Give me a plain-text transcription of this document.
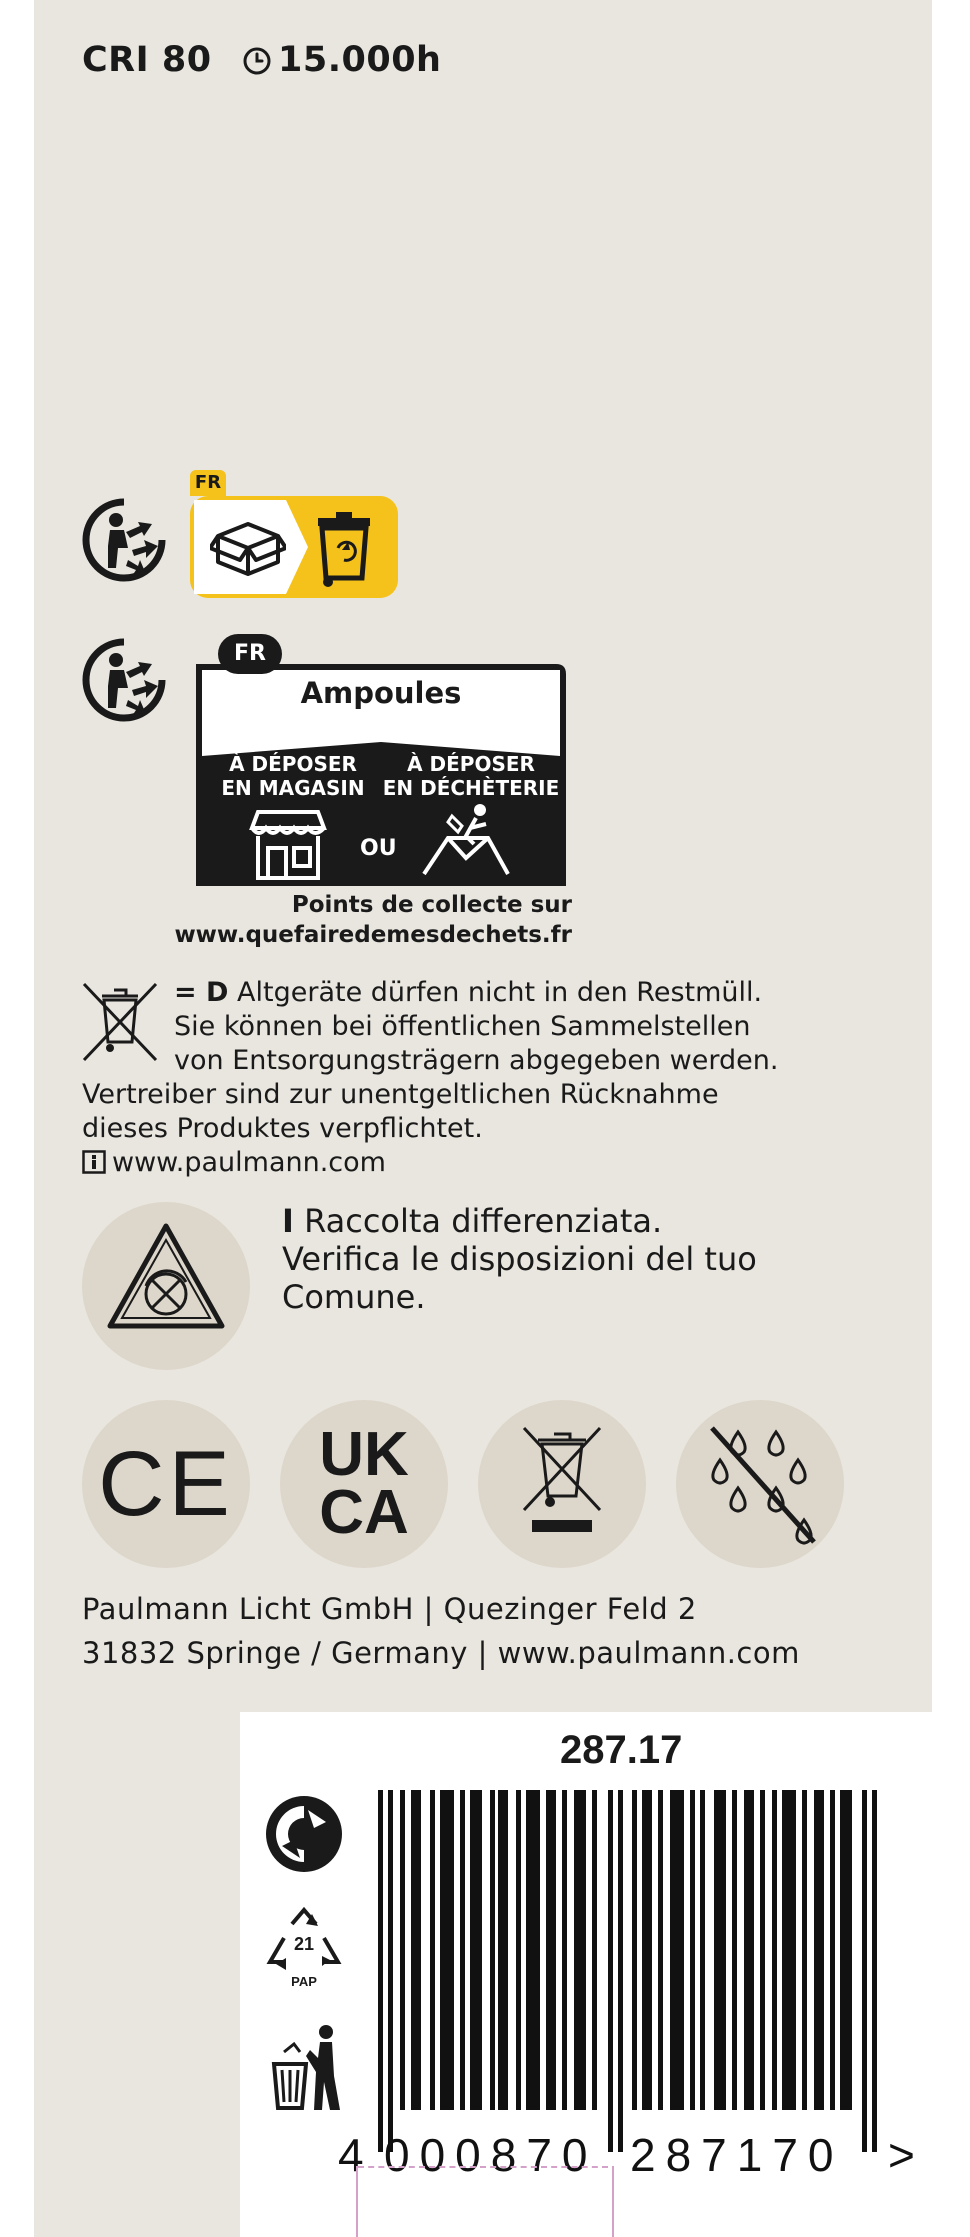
CRI 80 15.000h
FR
FR
Ampoules
À DÉPOSER
EN MAGASIN
À DÉPOSER
EN DÉCHÈTERIE
OU
Points de collecte sur
www.quefairedemesdechets.fr
= D Altgeräte dürfen nicht in den Restmüll.
Sie können bei öffentlichen Sammelstellen
von Entsorgungsträgern abgegeben werden.
Vertreiber sind zur unentgeltlichen Rücknahme
dieses Produktes verpflichtet.
www.paulmann.com
I Raccolta differenziata.
Verifica le disposizioni del tuo
Comune.
CE	UK
CA
Paulmann Licht GmbH | Quezinger Feld 2
31832 Springe / Germany | www.paulmann.com
287.17
21
PAP
4 000870 287170 >
